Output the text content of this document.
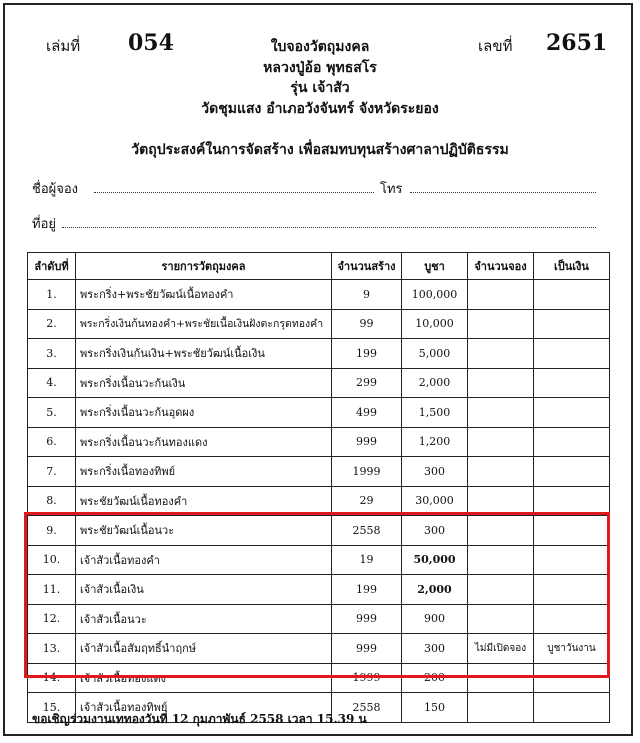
เล่มที่ 054	เลขที่ 2651
ใบจองวัตถุมงคล
หลวงปู่อ้อ พุทธสโร
รุ่น เจ้าสัว
วัดชุมแสง อำเภอวังจันทร์ จังหวัดระยอง
วัตถุประสงค์ในการจัดสร้าง เพื่อสมทบทุนสร้างศาลาปฏิบัติธรรม
ชื่อผู้จอง	โทร
ที่อยู่
ลำดับที่	รายการวัตถุมงคล	จำนวนสร้าง	บูชา	จำนวนจอง	เป็นเงิน
1.	พระกริ่ง+พระชัยวัฒน์เนื้อทองคำ	9	100,000		
2.	พระกริ่งเงินก้นทองคำ+พระชัยเนื้อเงินฝังตะกรุดทองคำ	99	10,000		
3.	พระกริ่งเงินก้นเงิน+พระชัยวัฒน์เนื้อเงิน	199	5,000		
4.	พระกริ่งเนื้อนวะก้นเงิน	299	2,000		
5.	พระกริ่งเนื้อนวะก้นอุดผง	499	1,500		
6.	พระกริ่งเนื้อนวะก้นทองแดง	999	1,200		
7.	พระกริ่งเนื้อทองทิพย์	1999	300		
8.	พระชัยวัฒน์เนื้อทองคำ	29	30,000		
9.	พระชัยวัฒน์เนื้อนวะ	2558	300		
10.	เจ้าสัวเนื้อทองคำ	19	50,000		
11.	เจ้าสัวเนื้อเงิน	199	2,000		
12.	เจ้าสัวเนื้อนวะ	999	900		
13.	เจ้าสัวเนื้อสัมฤทธิ์นำฤกษ์	999	300	ไม่มีเปิดจอง	บูชาวันงาน
14.	เจ้าสัวเนื้อทองแดง	1999	200		
15.	เจ้าสัวเนื้อทองทิพย์	2558	150		
ขอเชิญร่วมงานเททองวันที่ 12 กุมภาพันธ์ 2558 เวลา 15.39 น
